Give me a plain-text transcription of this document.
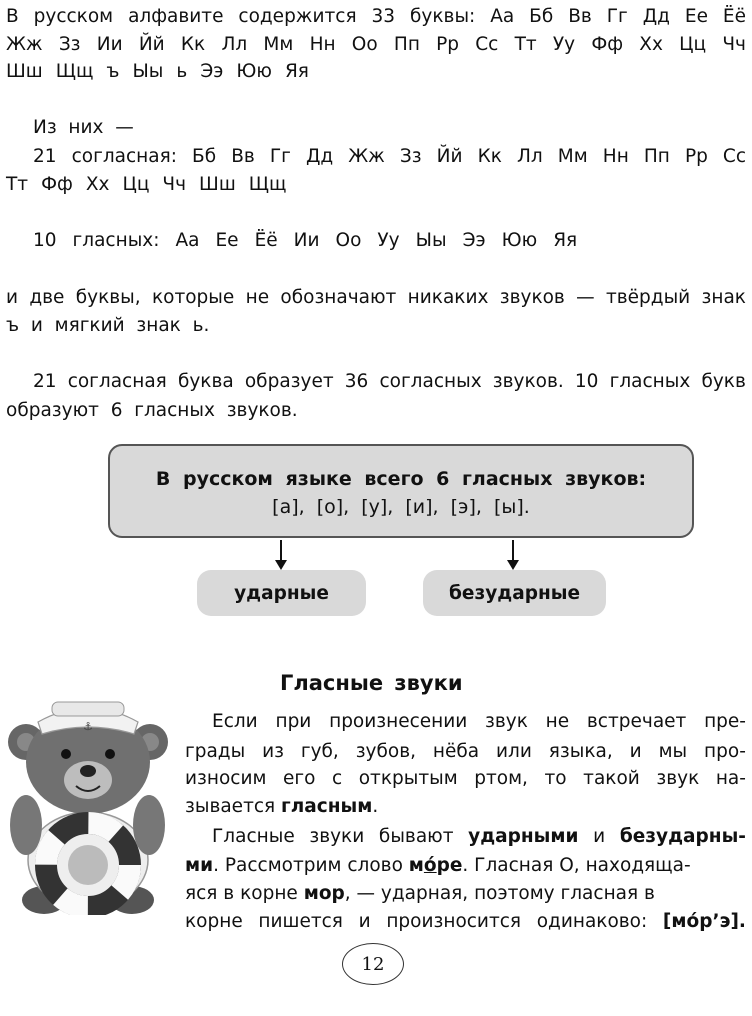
В русском алфавите содержится 33 буквы: Аа Бб Вв Гг Дд Ее Ёё
Жж Зз Ии Йй Кк Лл Мм Нн Оо Пп Рр Сс Тт Уу Фф Хх Цц Чч
Шш Щщ ъ Ыы ь Ээ Юю Яя
Из  них  —
21 согласная: Бб Вв Гг Дд Жж Зз Йй Кк Лл Мм Нн Пп Рр Сс
Тт Фф Хх Цц Чч Шш Щщ
10 гласных: Аа Ее Ёё Ии Оо Уу Ыы Ээ Юю Яя
и две буквы, которые не обозначают никаких звуков — твёрдый знак
ъ  и  мягкий  знак  ь.
21 согласная буква образует 36 согласных звуков. 10 гласных букв
образуют  6  гласных  звуков.
В русском языке всего 6 гласных звуков:
[а], [о], [у], [и], [э], [ы].
ударные	безударные
Гласные звуки
⚓	Если при произнесении звук не встречает пре-
грады из губ, зубов, нёба или языка, и мы про-
износим его с открытым ртом, то такой звук на-
зывается гласным.
Гласные звуки бывают ударными и безударны-
ми. Рассмотрим слово мо́ре. Гласная О, находяща-
яся в корне мор, — ударная, поэтому гласная в
корне пишется и произносится одинаково: [мо́р’э].
12
